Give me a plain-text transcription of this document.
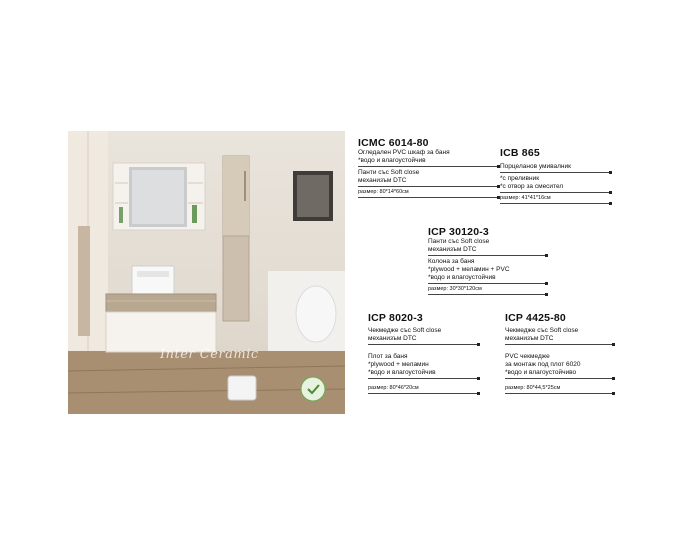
Inter Ceramic
ICMC 6014-80
Огледален PVC шкаф за баня
*водо и влагоустойчив
Панти със Soft close
механизъм DTC
размер: 80*14*60см
ICB 865
Порцеланов умивалник
*с преливник
*с отвор за смесител
размер: 41*41*16см
ICP 30120-3
Панти със Soft close
механизъм DTC
Колона за баня
*plywood + меламин + PVC
*водо и влагоустойчив
размер: 30*30*120см
ICP 8020-3
Чекмедже със Soft close
механизъм DTC
Плот за баня
*plywood + меламин
*водо и влагоустойчив
размер: 80*46*20см
ICP 4425-80
Чекмедже със Soft close
механизъм DTC
PVC чекмедже
за монтаж под плот 6020
*водо и влагоустойчиво
размер: 80*44,5*25см
